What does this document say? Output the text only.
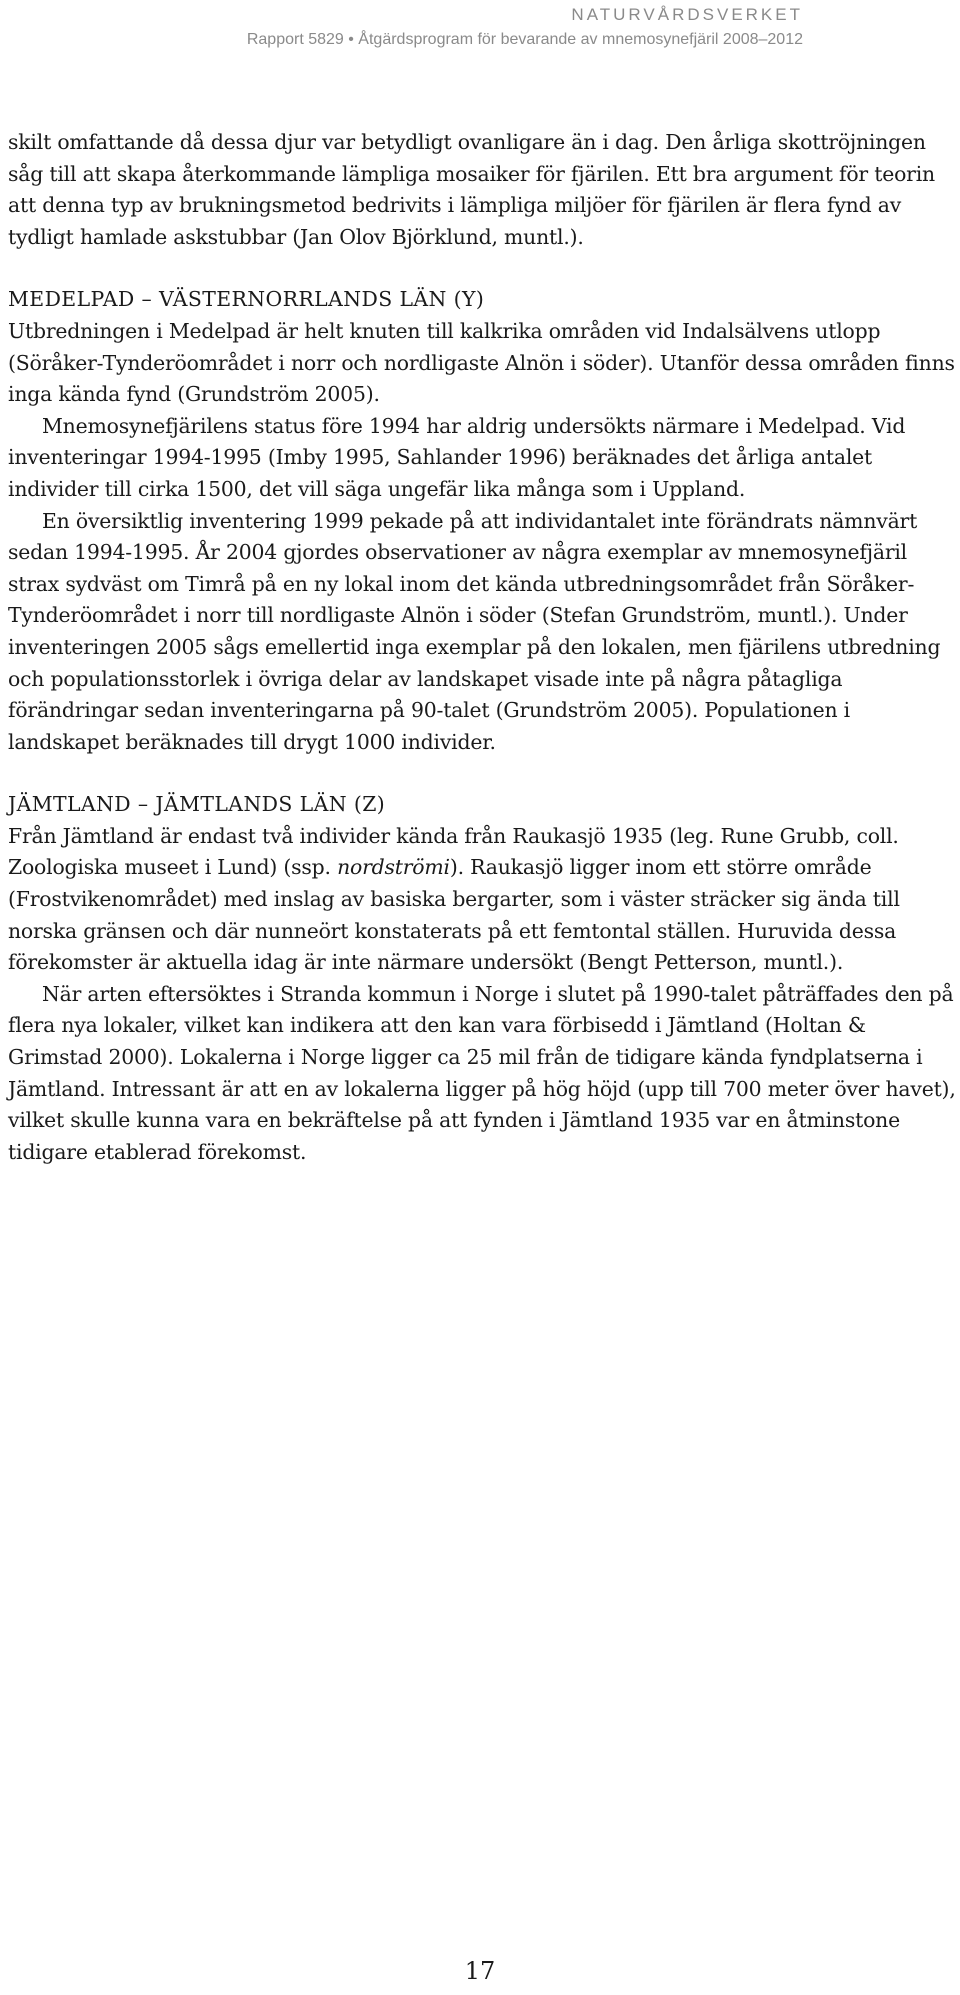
NATURVÅRDSVERKET
Rapport 5829 • Åtgärdsprogram för bevarande av mnemosynefjäril 2008–2012

skilt omfattande då dessa djur var betydligt ovanligare än i dag. Den årliga skottröjningen såg till att skapa återkommande lämpliga mosaiker för fjärilen. Ett bra argument för teorin att denna typ av brukningsmetod bedrivits i lämpliga miljöer för fjärilen är flera fynd av tydligt hamlade askstubbar (Jan Olov Björklund, muntl.).

MEDELPAD – VÄSTERNORRLANDS LÄN (Y)

Utbredningen i Medelpad är helt knuten till kalkrika områden vid Indalsälvens utlopp (Söråker-Tynderöområdet i norr och nordligaste Alnön i söder). Utanför dessa områden finns inga kända fynd (Grundström 2005).

Mnemosynefjärilens status före 1994 har aldrig undersökts närmare i Medelpad. Vid inventeringar 1994-1995 (Imby 1995, Sahlander 1996) beräknades det årliga antalet individer till cirka 1500, det vill säga ungefär lika många som i Uppland.

En översiktlig inventering 1999 pekade på att individantalet inte förändrats nämnvärt sedan 1994-1995. År 2004 gjordes observationer av några exemplar av mnemosynefjäril strax sydväst om Timrå på en ny lokal inom det kända utbredningsområdet från Söråker-Tynderöområdet i norr till nordligaste Alnön i söder (Stefan Grundström, muntl.). Under inventeringen 2005 sågs emellertid inga exemplar på den lokalen, men fjärilens utbredning och populationsstorlek i övriga delar av landskapet visade inte på några påtagliga förändringar sedan inventeringarna på 90-talet (Grundström 2005). Populationen i landskapet beräknades till drygt 1000 individer.

JÄMTLAND – JÄMTLANDS LÄN (Z)

Från Jämtland är endast två individer kända från Raukasjö 1935 (leg. Rune Grubb, coll. Zoologiska museet i Lund) (ssp. nordströmi). Raukasjö ligger inom ett större område (Frostvikenområdet) med inslag av basiska bergarter, som i väster sträcker sig ända till norska gränsen och där nunneört konstaterats på ett femtontal ställen. Huruvida dessa förekomster är aktuella idag är inte närmare undersökt (Bengt Petterson, muntl.).

När arten eftersöktes i Stranda kommun i Norge i slutet på 1990-talet påträffades den på flera nya lokaler, vilket kan indikera att den kan vara förbisedd i Jämtland (Holtan & Grimstad 2000). Lokalerna i Norge ligger ca 25 mil från de tidigare kända fyndplatserna i Jämtland. Intressant är att en av lokalerna ligger på hög höjd (upp till 700 meter över havet), vilket skulle kunna vara en bekräftelse på att fynden i Jämtland 1935 var en åtminstone tidigare etablerad förekomst.

17
